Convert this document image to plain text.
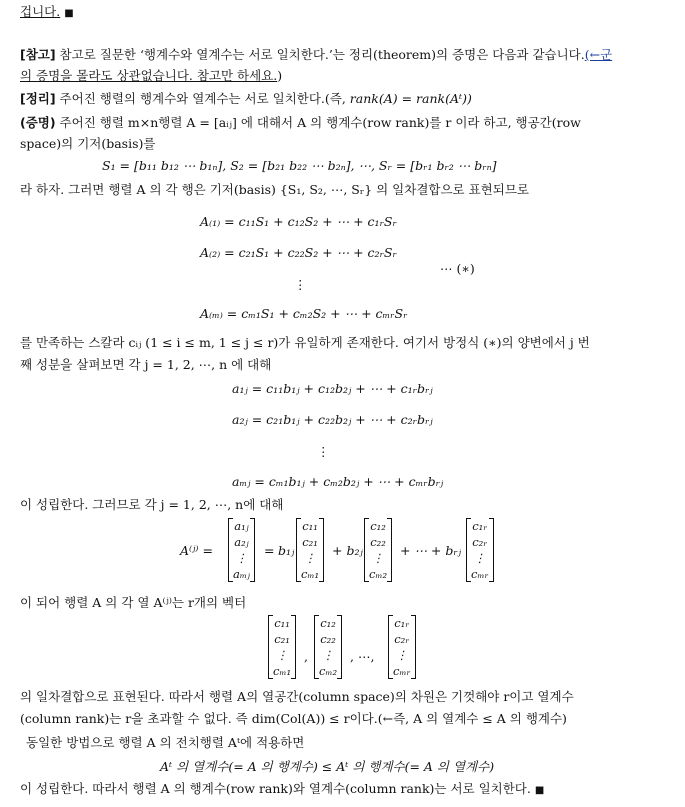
겁니다. ■
[참고] 참고로 질문한 ‘행계수와 열계수는 서로 일치한다.’는 정리(theorem)의 증명은 다음과 같습니다.(←군
의 증명을 몰라도 상관없습니다. 참고만 하세요.)
[정리] 주어진 행렬의 행계수와 열계수는 서로 일치한다.(즉, rank(A) = rank(Aᵗ))
(증명) 주어진 행렬 m×n행렬 A = [aᵢⱼ] 에 대해서 A 의 행계수(row rank)를 r 이라 하고, 행공간(row
space)의 기저(basis)를
S₁ = [b₁₁ b₁₂ ⋯ b₁ₙ], S₂ = [b₂₁ b₂₂ ⋯ b₂ₙ], ⋯, Sᵣ = [bᵣ₁ bᵣ₂ ⋯ bᵣₙ]
라 하자. 그러면 행렬 A 의 각 행은 기저(basis) {S₁, S₂, ⋯, Sᵣ} 의 일차결합으로 표현되므로
A₍₁₎ = c₁₁S₁ + c₁₂S₂ + ⋯ + c₁ᵣSᵣ
A₍₂₎ = c₂₁S₁ + c₂₂S₂ + ⋯ + c₂ᵣSᵣ
⋯ (∗)
⋮
A₍ₘ₎ = cₘ₁S₁ + cₘ₂S₂ + ⋯ + cₘᵣSᵣ
를 만족하는 스칼라 cᵢⱼ (1 ≤ i ≤ m, 1 ≤ j ≤ r)가 유일하게 존재한다. 여기서 방정식 (∗)의 양변에서 j 번
째 성분을 살펴보면 각 j = 1, 2, ⋯, n 에 대해
a₁ⱼ = c₁₁b₁ⱼ + c₁₂b₂ⱼ + ⋯ + c₁ᵣbᵣⱼ
a₂ⱼ = c₂₁b₁ⱼ + c₂₂b₂ⱼ + ⋯ + c₂ᵣbᵣⱼ
⋮
aₘⱼ = cₘ₁b₁ⱼ + cₘ₂b₂ⱼ + ⋯ + cₘᵣbᵣⱼ
이 성립한다. 그러므로 각 j = 1, 2, ⋯, n에 대해
A⁽ʲ⁾ =
a₁ⱼ
a₂ⱼ
⋮
aₘⱼ
= b₁ⱼ
c₁₁
c₂₁
⋮
cₘ₁
+ b₂ⱼ
c₁₂
c₂₂
⋮
cₘ₂
+ ⋯ + bᵣⱼ
c₁ᵣ
c₂ᵣ
⋮
cₘᵣ
이 되어 행렬 A 의 각 열 A⁽ʲ⁾는 r개의 벡터
c₁₁
c₂₁
⋮
cₘ₁
,
c₁₂
c₂₂
⋮
cₘ₂
, ⋯,
c₁ᵣ
c₂ᵣ
⋮
cₘᵣ
의 일차결합으로 표현된다. 따라서 행렬 A의 열공간(column space)의 차원은 기껏해야 r이고 열계수
(column rank)는 r을 초과할 수 없다. 즉 dim(Col(A)) ≤ r이다.(←즉, A 의 열계수 ≤ A 의 행계수)
동일한 방법으로 행렬 A 의 전치행렬 Aᵗ에 적용하면
Aᵗ 의 열계수(= A 의 행계수) ≤ Aᵗ 의 행계수(= A 의 열계수)
이 성립한다. 따라서 행렬 A 의 행계수(row rank)와 열계수(column rank)는 서로 일치한다. ■
